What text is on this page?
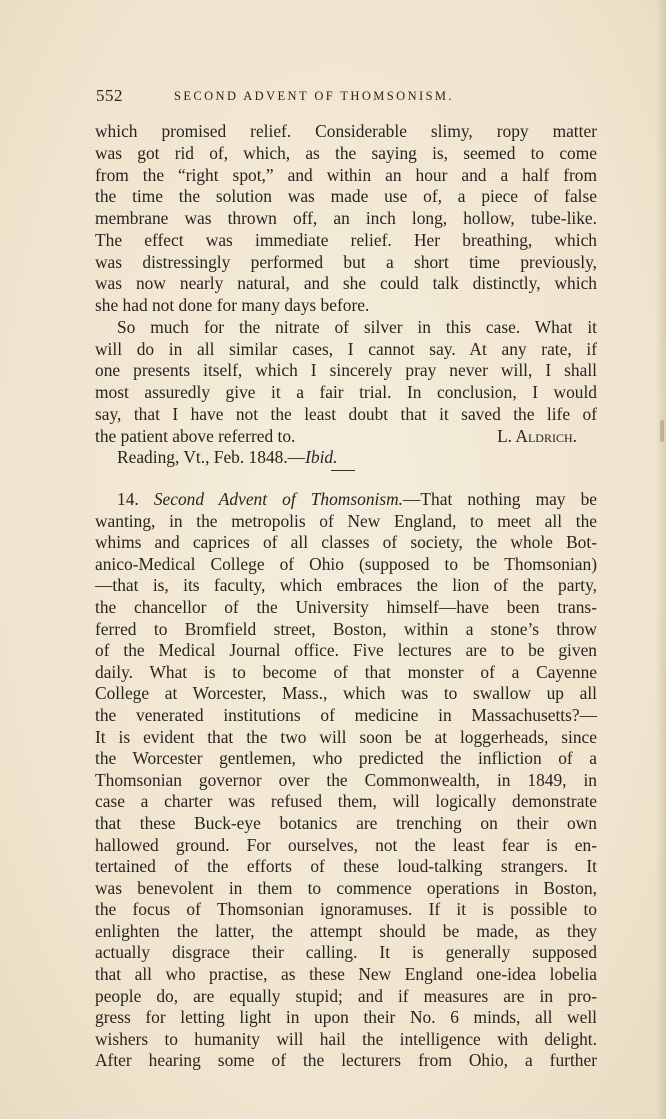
552	SECOND ADVENT OF THOMSONISM.
which promised relief. Considerable slimy, ropy matter
was got rid of, which, as the saying is, seemed to come
from the “right spot,” and within an hour and a half from
the time the solution was made use of, a piece of false
membrane was thrown off, an inch long, hollow, tube-like.
The effect was immediate relief. Her breathing, which
was distressingly performed but a short time previously,
was now nearly natural, and she could talk distinctly, which
she had not done for many days before.
So much for the nitrate of silver in this case. What it
will do in all similar cases, I cannot say. At any rate, if
one presents itself, which I sincerely pray never will, I shall
most assuredly give it a fair trial. In conclusion, I would
say, that I have not the least doubt that it saved the life of
the patient above referred to.	L. Aldrich.
Reading, Vt., Feb. 1848.—Ibid.
14. Second Advent of Thomsonism.—That nothing may be
wanting, in the metropolis of New England, to meet all the
whims and caprices of all classes of society, the whole Bot-
anico-Medical College of Ohio (supposed to be Thomsonian)
—that is, its faculty, which embraces the lion of the party,
the chancellor of the University himself—have been trans-
ferred to Bromfield street, Boston, within a stone’s throw
of the Medical Journal office. Five lectures are to be given
daily. What is to become of that monster of a Cayenne
College at Worcester, Mass., which was to swallow up all
the venerated institutions of medicine in Massachusetts?—
It is evident that the two will soon be at loggerheads, since
the Worcester gentlemen, who predicted the infliction of a
Thomsonian governor over the Commonwealth, in 1849, in
case a charter was refused them, will logically demonstrate
that these Buck-eye botanics are trenching on their own
hallowed ground. For ourselves, not the least fear is en-
tertained of the efforts of these loud-talking strangers. It
was benevolent in them to commence operations in Boston,
the focus of Thomsonian ignoramuses. If it is possible to
enlighten the latter, the attempt should be made, as they
actually disgrace their calling. It is generally supposed
that all who practise, as these New England one-idea lobelia
people do, are equally stupid; and if measures are in pro-
gress for letting light in upon their No. 6 minds, all well
wishers to humanity will hail the intelligence with delight.
After hearing some of the lecturers from Ohio, a further
